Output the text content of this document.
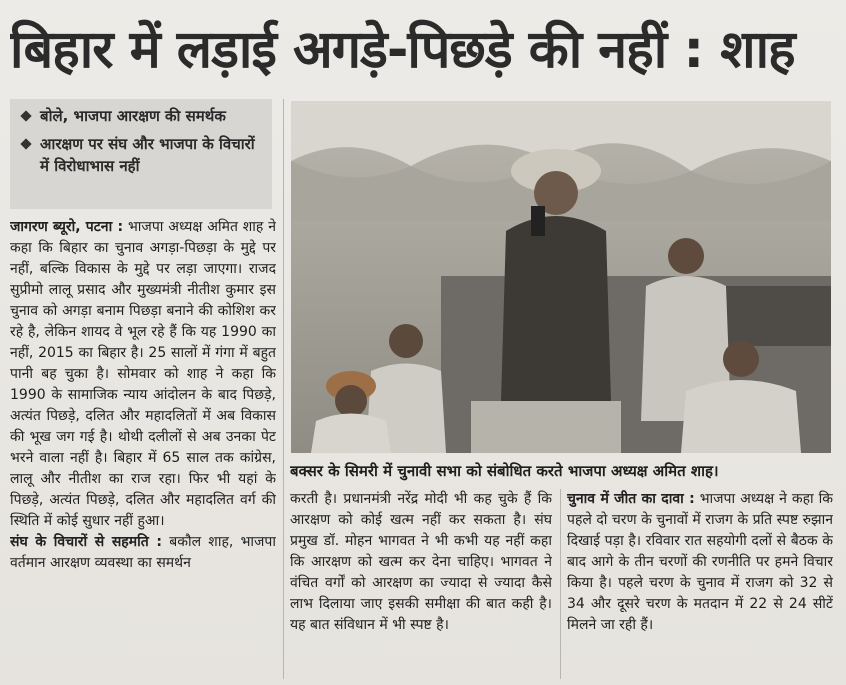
बिहार में लड़ाई अगड़े-पिछड़े की नहीं : शाह
बोले, भाजपा आरक्षण की समर्थक
आरक्षण पर संघ और भाजपा के विचारों में विरोधाभास नहीं

जागरण ब्यूरो, पटना : भाजपा अध्यक्ष अमित शाह ने कहा कि बिहार का चुनाव अगड़ा-पिछड़ा के मुद्दे पर नहीं, बल्कि विकास के मुद्दे पर लड़ा जाएगा। राजद सुप्रीमो लालू प्रसाद और मुख्यमंत्री नीतीश कुमार इस चुनाव को अगड़ा बनाम पिछड़ा बनाने की कोशिश कर रहे है, लेकिन शायद वे भूल रहे हैं कि यह 1990 का नहीं, 2015 का बिहार है। 25 सालों में गंगा में बहुत पानी बह चुका है। सोमवार को शाह ने कहा कि 1990 के सामाजिक न्याय आंदोलन के बाद पिछड़े, अत्यंत पिछड़े, दलित और महादलितों में अब विकास की भूख जग गई है। थोथी दलीलों से अब उनका पेट भरने वाला नहीं है। बिहार में 65 साल तक कांग्रेस, लालू और नीतीश का राज रहा। फिर भी यहां के पिछड़े, अत्यंत पिछड़े, दलित और महादलित वर्ग की स्थिति में कोई सुधार नहीं हुआ।

संघ के विचारों से सहमति : बकौल शाह, भाजपा वर्तमान आरक्षण व्यवस्था का समर्थन

बक्सर के सिमरी में चुनावी सभा को संबोधित करते भाजपा अध्यक्ष अमित शाह।

करती है। प्रधानमंत्री नरेंद्र मोदी भी कह चुके हैं कि आरक्षण को कोई खत्म नहीं कर सकता है। संघ प्रमुख डॉ. मोहन भागवत ने भी कभी यह नहीं कहा कि आरक्षण को खत्म कर देना चाहिए। भागवत ने वंचित वर्गों को आरक्षण का ज्यादा से ज्यादा कैसे लाभ दिलाया जाए इसकी समीक्षा की बात कही है। यह बात संविधान में भी स्पष्ट है।

चुनाव में जीत का दावा : भाजपा अध्यक्ष ने कहा कि पहले दो चरण के चुनावों में राजग के प्रति स्पष्ट रुझान दिखाई पड़ा है। रविवार रात सहयोगी दलों से बैठक के बाद आगे के तीन चरणों की रणनीति पर हमने विचार किया है। पहले चरण के चुनाव में राजग को 32 से 34 और दूसरे चरण के मतदान में 22 से 24 सीटें मिलने जा रही हैं।
